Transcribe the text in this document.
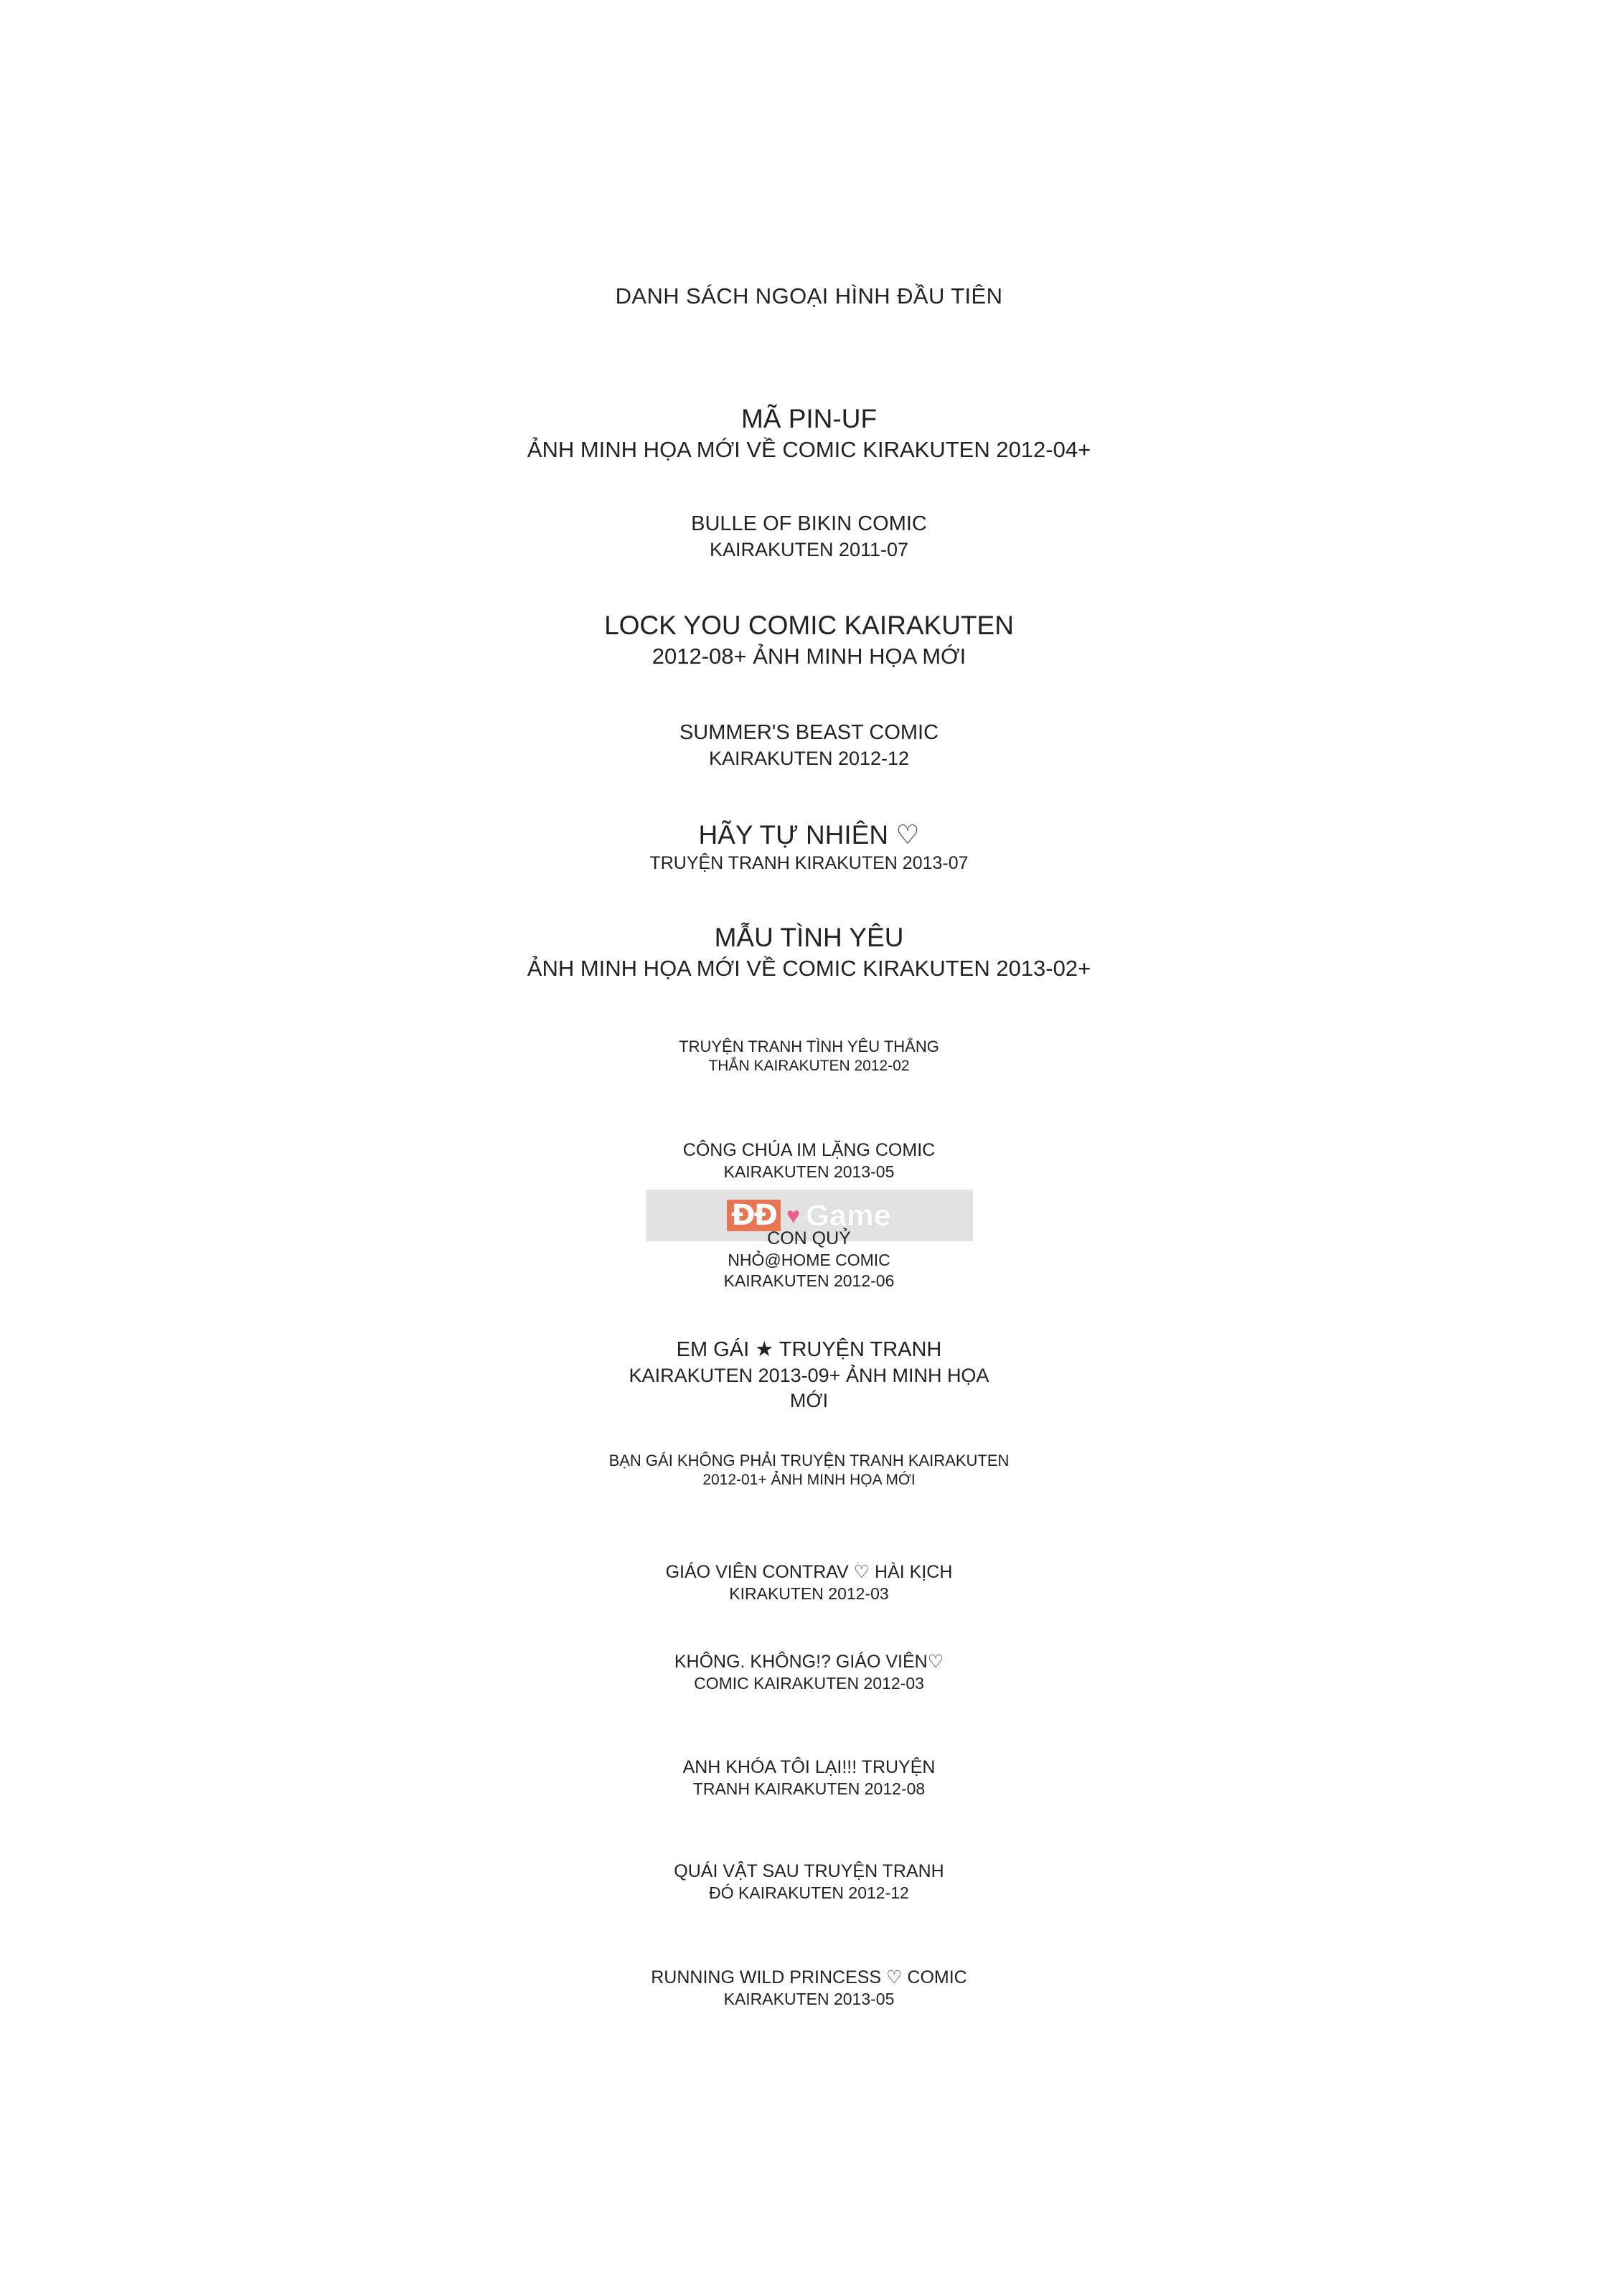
DANH SÁCH NGOẠI HÌNH ĐẦU TIÊN
MÃ PIN-UF
ẢNH MINH HỌA MỚI VỀ COMIC KIRAKUTEN 2012-04+
BULLE OF BIKIN COMIC
KAIRAKUTEN 2011-07
LOCK YOU COMIC KAIRAKUTEN
2012-08+ ẢNH MINH HỌA MỚI
SUMMER'S BEAST COMIC
KAIRAKUTEN 2012-12
HÃY TỰ NHIÊN ♡
TRUYỆN TRANH KIRAKUTEN 2013-07
MẪU TÌNH YÊU
ẢNH MINH HỌA MỚI VỀ COMIC KIRAKUTEN 2013-02+
TRUYỆN TRANH TÌNH YÊU THẲNG
THẮN KAIRAKUTEN 2012-02
CÔNG CHÚA IM LẶNG COMIC
KAIRAKUTEN 2013-05
ĐĐ ♥ Game
CON QUỶ
NHỎ@HOME COMIC
KAIRAKUTEN 2012-06
EM GÁI ★ TRUYỆN TRANH
KAIRAKUTEN 2013-09+ ẢNH MINH HỌA
MỚI
BẠN GÁI KHÔNG PHẢI TRUYỆN TRANH KAIRAKUTEN
2012-01+ ẢNH MINH HỌA MỚI
GIÁO VIÊN CONTRAV ♡ HÀI KỊCH
KIRAKUTEN 2012-03
KHÔNG. KHÔNG!? GIÁO VIÊN♡
COMIC KAIRAKUTEN 2012-03
ANH KHÓA TÔI LẠI!!! TRUYỆN
TRANH KAIRAKUTEN 2012-08
QUÁI VẬT SAU TRUYỆN TRANH
ĐÓ KAIRAKUTEN 2012-12
RUNNING WILD PRINCESS ♡ COMIC
KAIRAKUTEN 2013-05
